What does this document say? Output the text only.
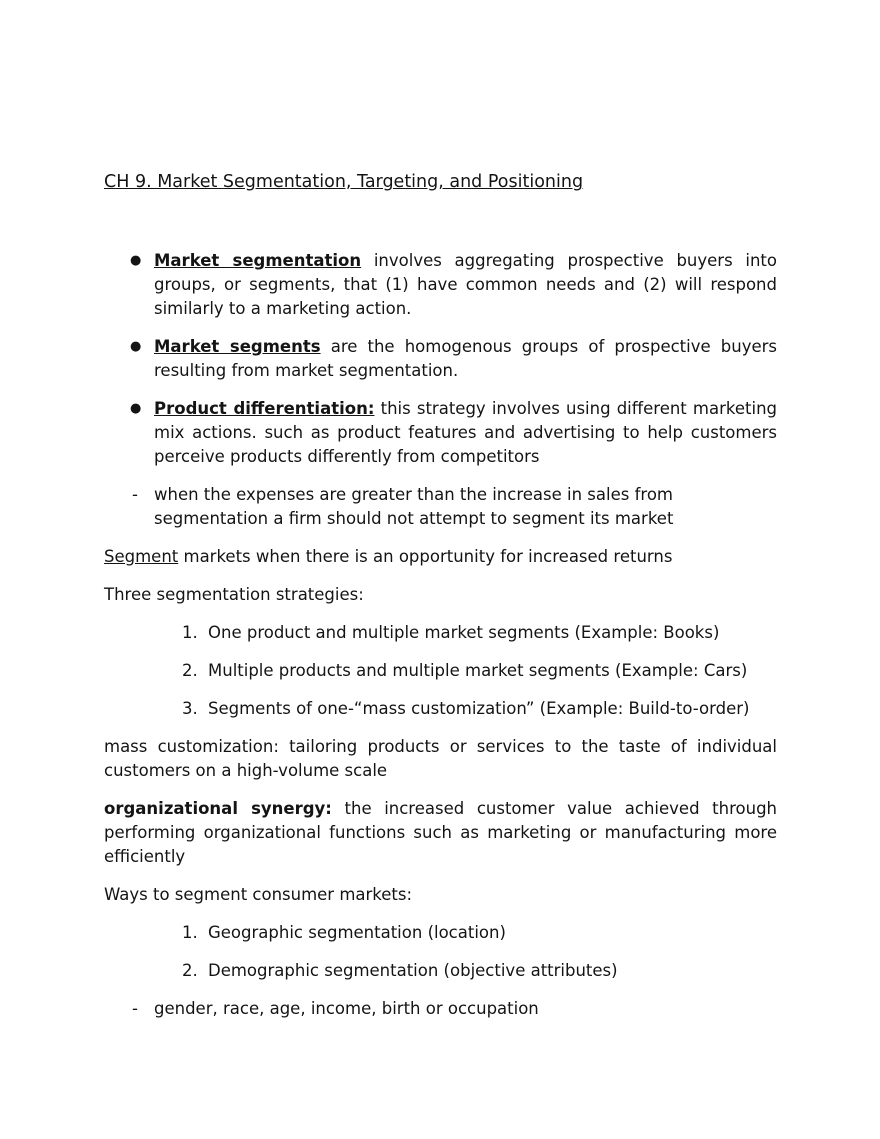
CH 9. Market Segmentation, Targeting, and Positioning
● Market segmentation involves aggregating prospective buyers into groups, or segments, that (1) have common needs and (2) will respond similarly to a marketing action.

● Market segments are the homogenous groups of prospective buyers resulting from market segmentation.

● Product differentiation: this strategy involves using different marketing mix actions. such as product features and advertising to help customers perceive products differently from competitors

- when the expenses are greater than the increase in sales from segmentation a firm should not attempt to segment its market

Segment markets when there is an opportunity for increased returns

Three segmentation strategies:

1. One product and multiple market segments (Example: Books)
2. Multiple products and multiple market segments (Example: Cars)
3. Segments of one-“mass customization” (Example: Build-to-order)

mass customization: tailoring products or services to the taste of individual customers on a high-volume scale

organizational synergy: the increased customer value achieved through performing organizational functions such as marketing or manufacturing more efficiently

Ways to segment consumer markets:

1. Geographic segmentation (location)
2. Demographic segmentation (objective attributes)
- gender, race, age, income, birth or occupation
